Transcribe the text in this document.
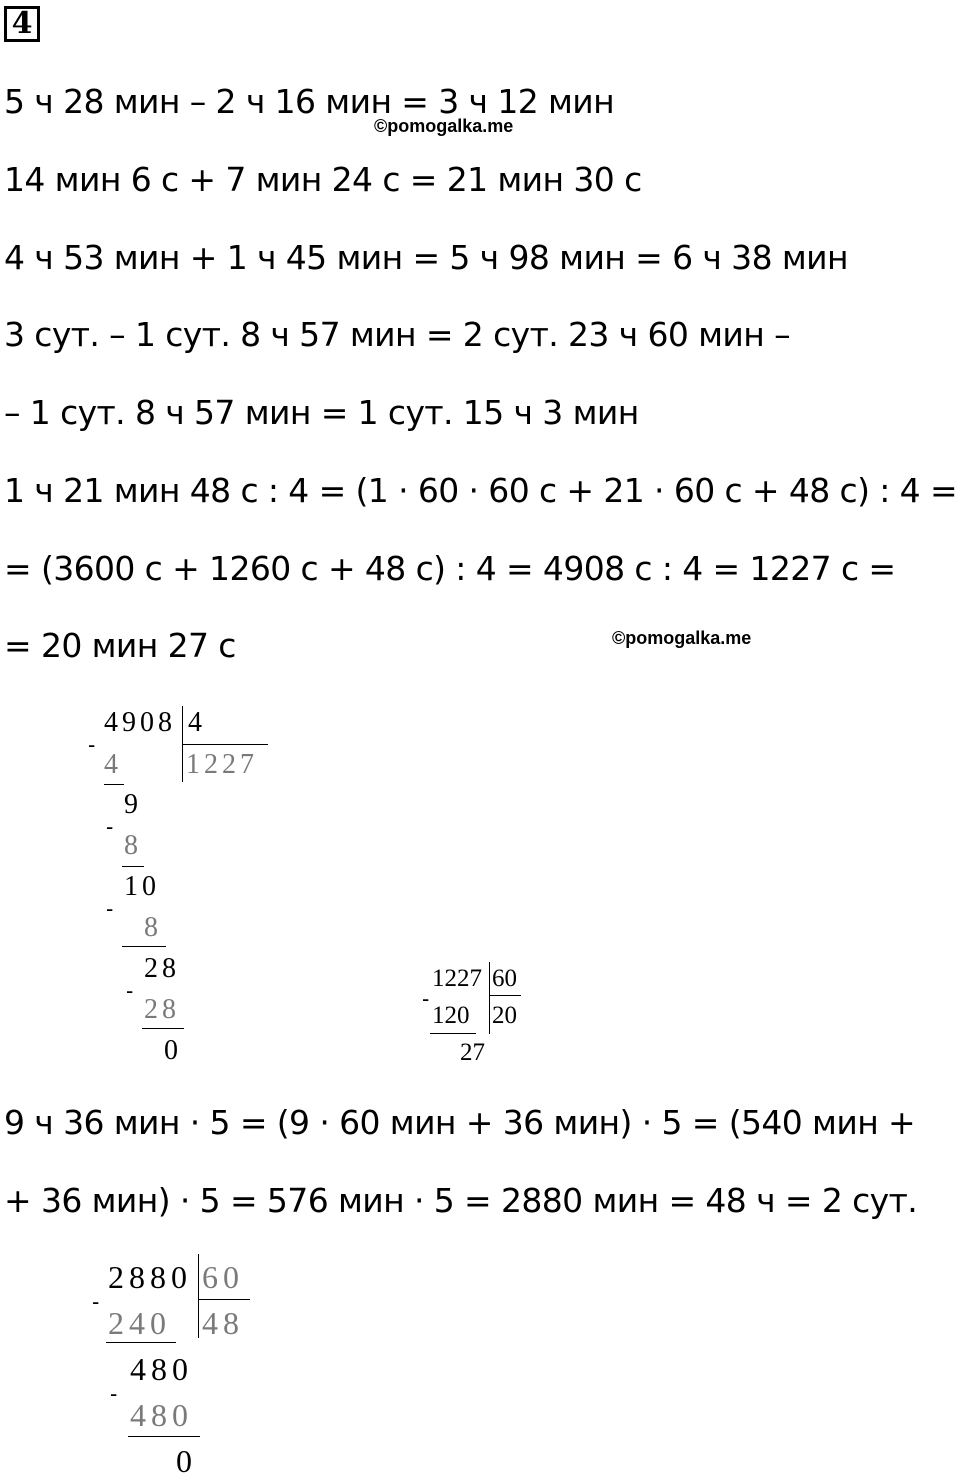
4
5 ч 28 мин – 2 ч 16 мин = 3 ч 12 мин
©pomogalka.me
14 мин 6 с + 7 мин 24 с = 21 мин 30 с
4 ч 53 мин + 1 ч 45 мин = 5 ч 98 мин = 6 ч 38 мин
3 сут. – 1 сут. 8 ч 57 мин = 2 сут. 23 ч 60 мин –
– 1 сут. 8 ч 57 мин = 1 сут. 15 ч 3 мин
1 ч 21 мин 48 с : 4 = (1 · 60 · 60 с + 21 · 60 с + 48 с) : 4 =
= (3600 с + 1260 с + 48 с) : 4 = 4908 с : 4 = 1227 с =
= 20 мин 27 с	©pomogalka.me
4908 4
1227
-
4
9
-
8
10
-
8
28
-
28
0
1227 60
20
-
120
27
9 ч 36 мин · 5 = (9 · 60 мин + 36 мин) · 5 = (540 мин +
+ 36 мин) · 5 = 576 мин · 5 = 2880 мин = 48 ч = 2 сут.
2880 60
48
-
240
480
-
480
0
